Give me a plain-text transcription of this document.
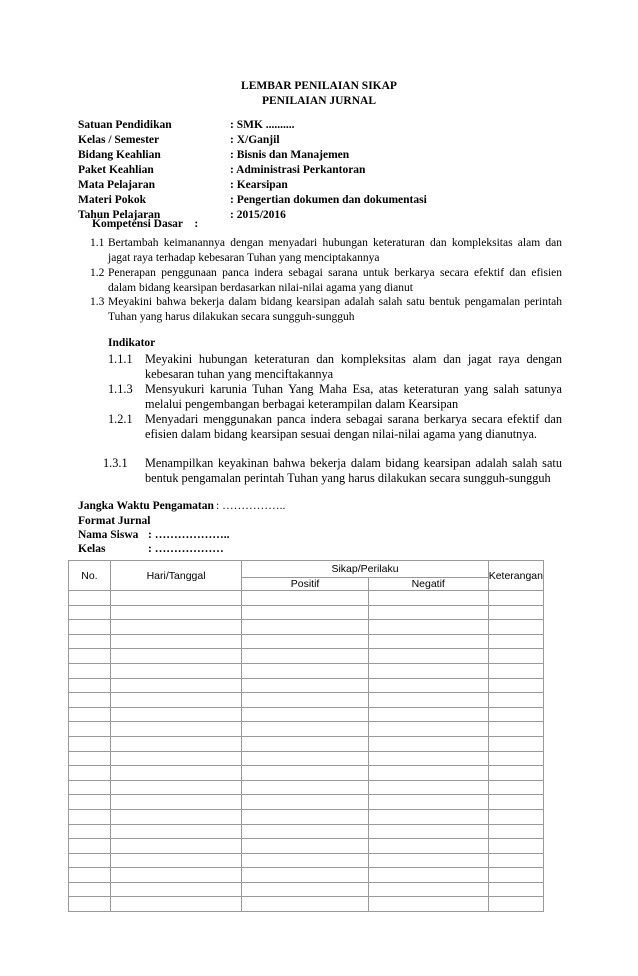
LEMBAR PENILAIAN SIKAP
PENILAIAN JURNAL
Satuan Pendidikan	: SMK ..........
Kelas / Semester	: X/Ganjil
Bidang Keahlian	: Bisnis dan Manajemen
Paket Keahlian	: Administrasi Perkantoran
Mata Pelajaran	: Kearsipan
Materi Pokok	: Pengertian dokumen dan dokumentasi
Tahun Pelajaran	: 2015/2016
Kompetensi Dasar    :
1.1 Bertambah keimanannya dengan menyadari hubungan keteraturan dan kompleksitas alam dan jagat raya terhadap kebesaran Tuhan yang menciptakannya
1.2 Penerapan penggunaan panca indera sebagai sarana untuk berkarya secara efektif dan efisien dalam bidang kearsipan berdasarkan nilai-nilai agama yang dianut
1.3 Meyakini bahwa bekerja dalam bidang kearsipan adalah salah satu bentuk pengamalan perintah Tuhan yang harus dilakukan secara sungguh-sungguh
Indikator
1.1.1 Meyakini hubungan keteraturan dan kompleksitas alam dan jagat raya dengan kebesaran tuhan yang menciftakannya
1.1.3 Mensyukuri karunia Tuhan Yang Maha Esa, atas keteraturan yang salah satunya melalui pengembangan berbagai keterampilan dalam Kearsipan
1.2.1 Menyadari menggunakan panca indera sebagai sarana berkarya secara efektif dan efisien dalam bidang kearsipan sesuai dengan nilai-nilai agama yang dianutnya.
1.3.1 Menampilkan keyakinan bahwa bekerja dalam bidang kearsipan adalah salah satu bentuk pengamalan perintah Tuhan yang harus dilakukan secara sungguh-sungguh
Jangka Waktu Pengamatan : ……………..
Format Jurnal
Nama Siswa : ………………..
Kelas	: ………………
No.	Hari/Tanggal	Sikap/Perilaku		Keterangan
		Positif	Negatif	
